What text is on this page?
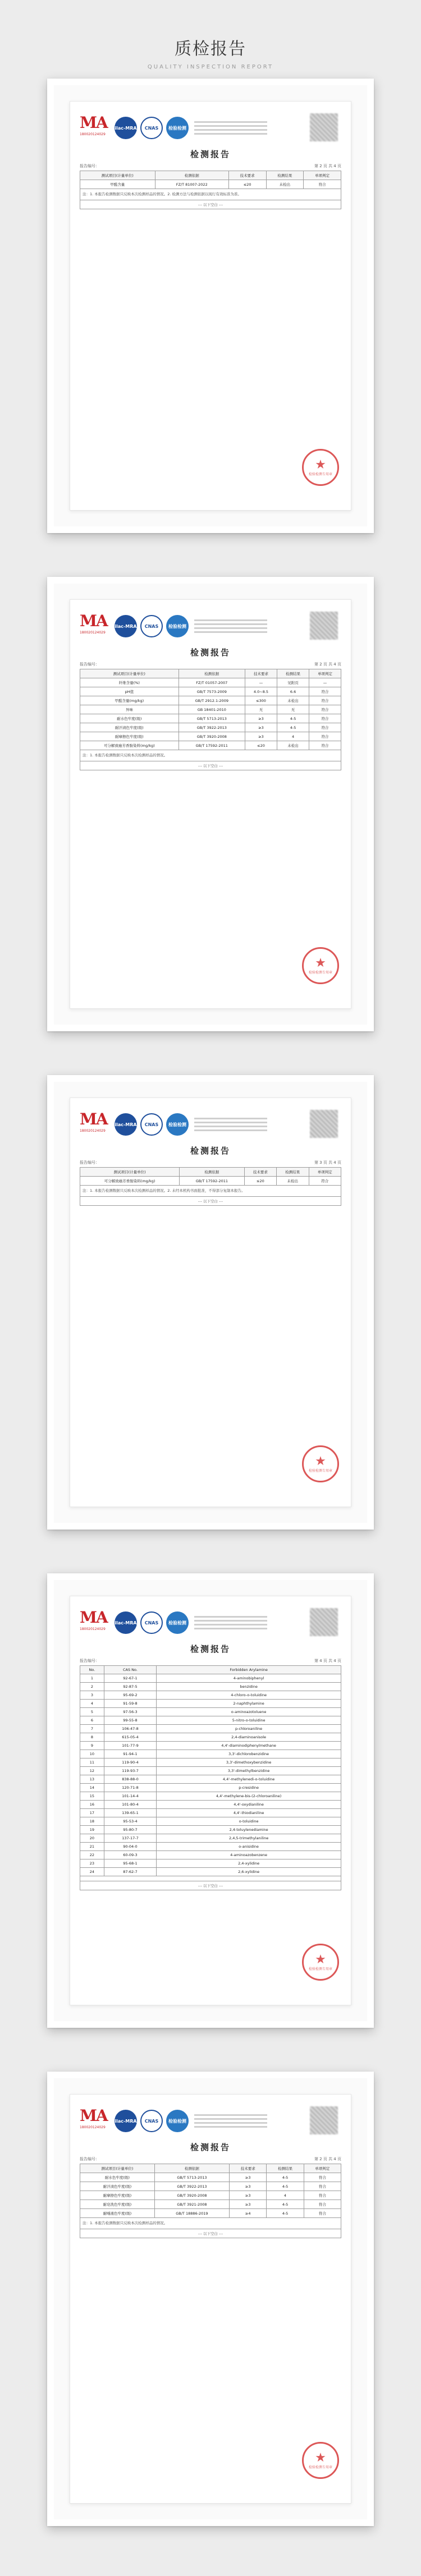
质检报告
QUALITY INSPECTION REPORT
MA
180020124029
ilac-MRA	CNAS	检验检测
检测报告
报告编号：	第 2 页 共 4 页
测试项目(计量单位)	检测依据	技术要求	检测结果	单项判定
甲醛含量	FZ/T 81007-2022	≤20	未检出	符合
注：1. 本报告检测数据只反映本次检测样品的情况。2. 检测方法与检测依据以现行有效标准为准。
--- 以下空白 ---
★
检验检测专用章
MA
180020124029
ilac-MRA	CNAS	检验检测
检测报告
报告编号：	第 2 页 共 4 页
测试项目(计量单位)	检测依据	技术要求	检测结果	单项判定
纤维含量(%)	FZ/T 01057-2007	—	见附页	—
pH值	GB/T 7573-2009	4.0~8.5	6.6	符合
甲醛含量(mg/kg)	GB/T 2912.1-2009	≤300	未检出	符合
异味	GB 18401-2010	无	无	符合
耐水色牢度(级)	GB/T 5713-2013	≥3	4-5	符合
耐汗渍色牢度(级)	GB/T 3922-2013	≥3	4-5	符合
耐摩擦色牢度(级)	GB/T 3920-2008	≥3	4	符合
可分解致癌芳香胺染料(mg/kg)	GB/T 17592-2011	≤20	未检出	符合
注：1. 本报告检测数据只反映本次检测样品的情况。
--- 以下空白 ---
★
检验检测专用章
MA
180020124029
ilac-MRA	CNAS	检验检测
检测报告
报告编号：	第 3 页 共 4 页
测试项目(计量单位)	检测依据	技术要求	检测结果	单项判定
可分解致癌芳香胺染料(mg/kg)	GB/T 17592-2011	≤20	未检出	符合
注：1. 本报告检测数据只反映本次检测样品的情况。2. 未经本机构书面批准，不得部分复制本报告。
--- 以下空白 ---
★
检验检测专用章
MA
180020124029
ilac-MRA	CNAS	检验检测
检测报告
报告编号：	第 4 页 共 4 页
No.	CAS No.	Forbidden Arylamine
1	92-67-1	4-aminobiphenyl
2	92-87-5	benzidine
3	95-69-2	4-chloro-o-toluidine
4	91-59-8	2-naphthylamine
5	97-56-3	o-aminoazotoluene
6	99-55-8	5-nitro-o-toluidine
7	106-47-8	p-chloroaniline
8	615-05-4	2,4-diaminoanisole
9	101-77-9	4,4'-diaminodiphenylmethane
10	91-94-1	3,3'-dichlorobenzidine
11	119-90-4	3,3'-dimethoxybenzidine
12	119-93-7	3,3'-dimethylbenzidine
13	838-88-0	4,4'-methylenedi-o-toluidine
14	120-71-8	p-cresidine
15	101-14-4	4,4'-methylene-bis-(2-chloroaniline)
16	101-80-4	4,4'-oxydianiline
17	139-65-1	4,4'-thiodianiline
18	95-53-4	o-toluidine
19	95-80-7	2,4-toluylenediamine
20	137-17-7	2,4,5-trimethylaniline
21	90-04-0	o-anisidine
22	60-09-3	4-aminoazobenzene
23	95-68-1	2,4-xylidine
24	87-62-7	2,6-xylidine
--- 以下空白 ---
★
检验检测专用章
MA
180020124029
ilac-MRA	CNAS	检验检测
检测报告
报告编号：	第 2 页 共 4 页
测试项目(计量单位)	检测依据	技术要求	检测结果	单项判定
耐水色牢度(级)	GB/T 5713-2013	≥3	4-5	符合
耐汗渍色牢度(级)	GB/T 3922-2013	≥3	4-5	符合
耐摩擦色牢度(级)	GB/T 3920-2008	≥3	4	符合
耐皂洗色牢度(级)	GB/T 3921-2008	≥3	4-5	符合
耐唾液色牢度(级)	GB/T 18886-2019	≥4	4-5	符合
注：1. 本报告检测数据只反映本次检测样品的情况。
--- 以下空白 ---
★
检验检测专用章
